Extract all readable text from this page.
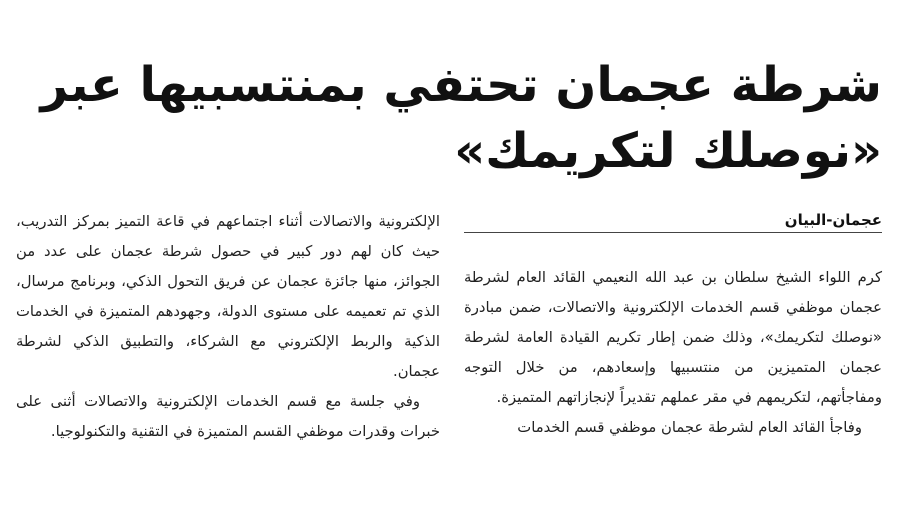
شرطة عجمان تحتفي بمنتسبيها عبر
«نوصلك لتكريمك»
عجمان-البيان

كرم اللواء الشيخ سلطان بن عبد الله النعيمي القائد العام لشرطة عجمان موظفي قسم الخدمات الإلكترونية والاتصالات، ضمن مبادرة «نوصلك لتكريمك»، وذلك ضمن إطار تكريم القيادة العامة لشرطة عجمان المتميزين من منتسبيها وإسعادهم، من خلال التوجه ومفاجأتهم، لتكريمهم في مقر عملهم تقديراً لإنجازاتهم المتميزة.

وفاجأ القائد العام لشرطة عجمان موظفي قسم الخدمات

الإلكترونية والاتصالات أثناء اجتماعهم في قاعة التميز بمركز التدريب، حيث كان لهم دور كبير في حصول شرطة عجمان على عدد من الجوائز، منها جائزة عجمان عن فريق التحول الذكي، وبرنامج مرسال، الذي تم تعميمه على مستوى الدولة، وجهودهم المتميزة في الخدمات الذكية والربط الإلكتروني مع الشركاء، والتطبيق الذكي لشرطة عجمان.

وفي جلسة مع قسم الخدمات الإلكترونية والاتصالات أثنى على خبرات وقدرات موظفي القسم المتميزة في التقنية والتكنولوجيا.
